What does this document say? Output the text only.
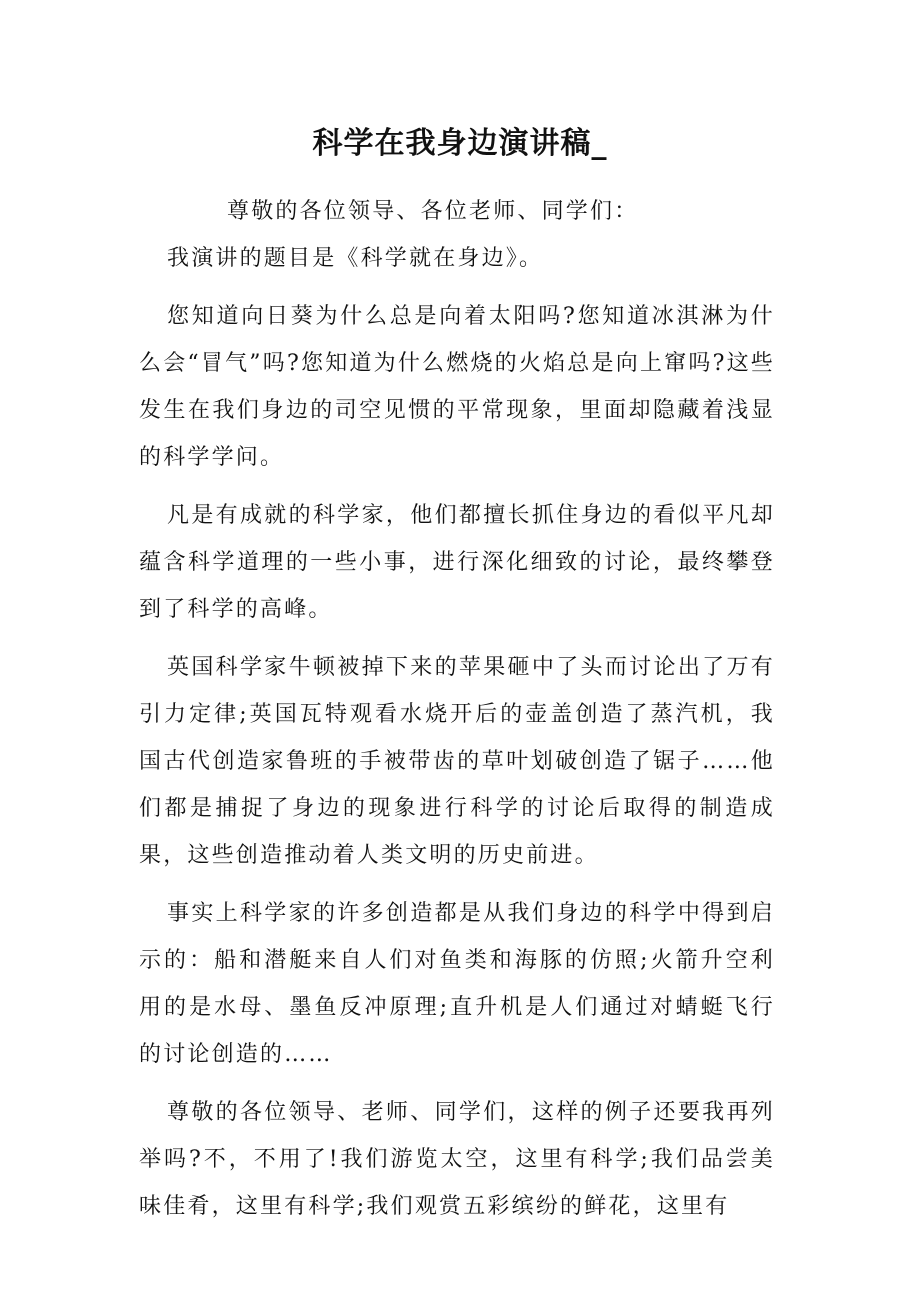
科学在我身边演讲稿_

尊敬的各位领导、各位老师、同学们：

我演讲的题目是《科学就在身边》。

您知道向日葵为什么总是向着太阳吗?您知道冰淇淋为什么会“冒气”吗?您知道为什么燃烧的火焰总是向上窜吗?这些发生在我们身边的司空见惯的平常现象，里面却隐藏着浅显的科学学问。

凡是有成就的科学家，他们都擅长抓住身边的看似平凡却蕴含科学道理的一些小事，进行深化细致的讨论，最终攀登到了科学的高峰。

英国科学家牛顿被掉下来的苹果砸中了头而讨论出了万有引力定律;英国瓦特观看水烧开后的壶盖创造了蒸汽机，我国古代创造家鲁班的手被带齿的草叶划破创造了锯子……他们都是捕捉了身边的现象进行科学的讨论后取得的制造成果，这些创造推动着人类文明的历史前进。

事实上科学家的许多创造都是从我们身边的科学中得到启示的：船和潜艇来自人们对鱼类和海豚的仿照;火箭升空利用的是水母、墨鱼反冲原理;直升机是人们通过对蜻蜓飞行的讨论创造的……

尊敬的各位领导、老师、同学们，这样的例子还要我再列举吗?不，不用了!我们游览太空，这里有科学;我们品尝美味佳肴，这里有科学;我们观赏五彩缤纷的鲜花，这里有
